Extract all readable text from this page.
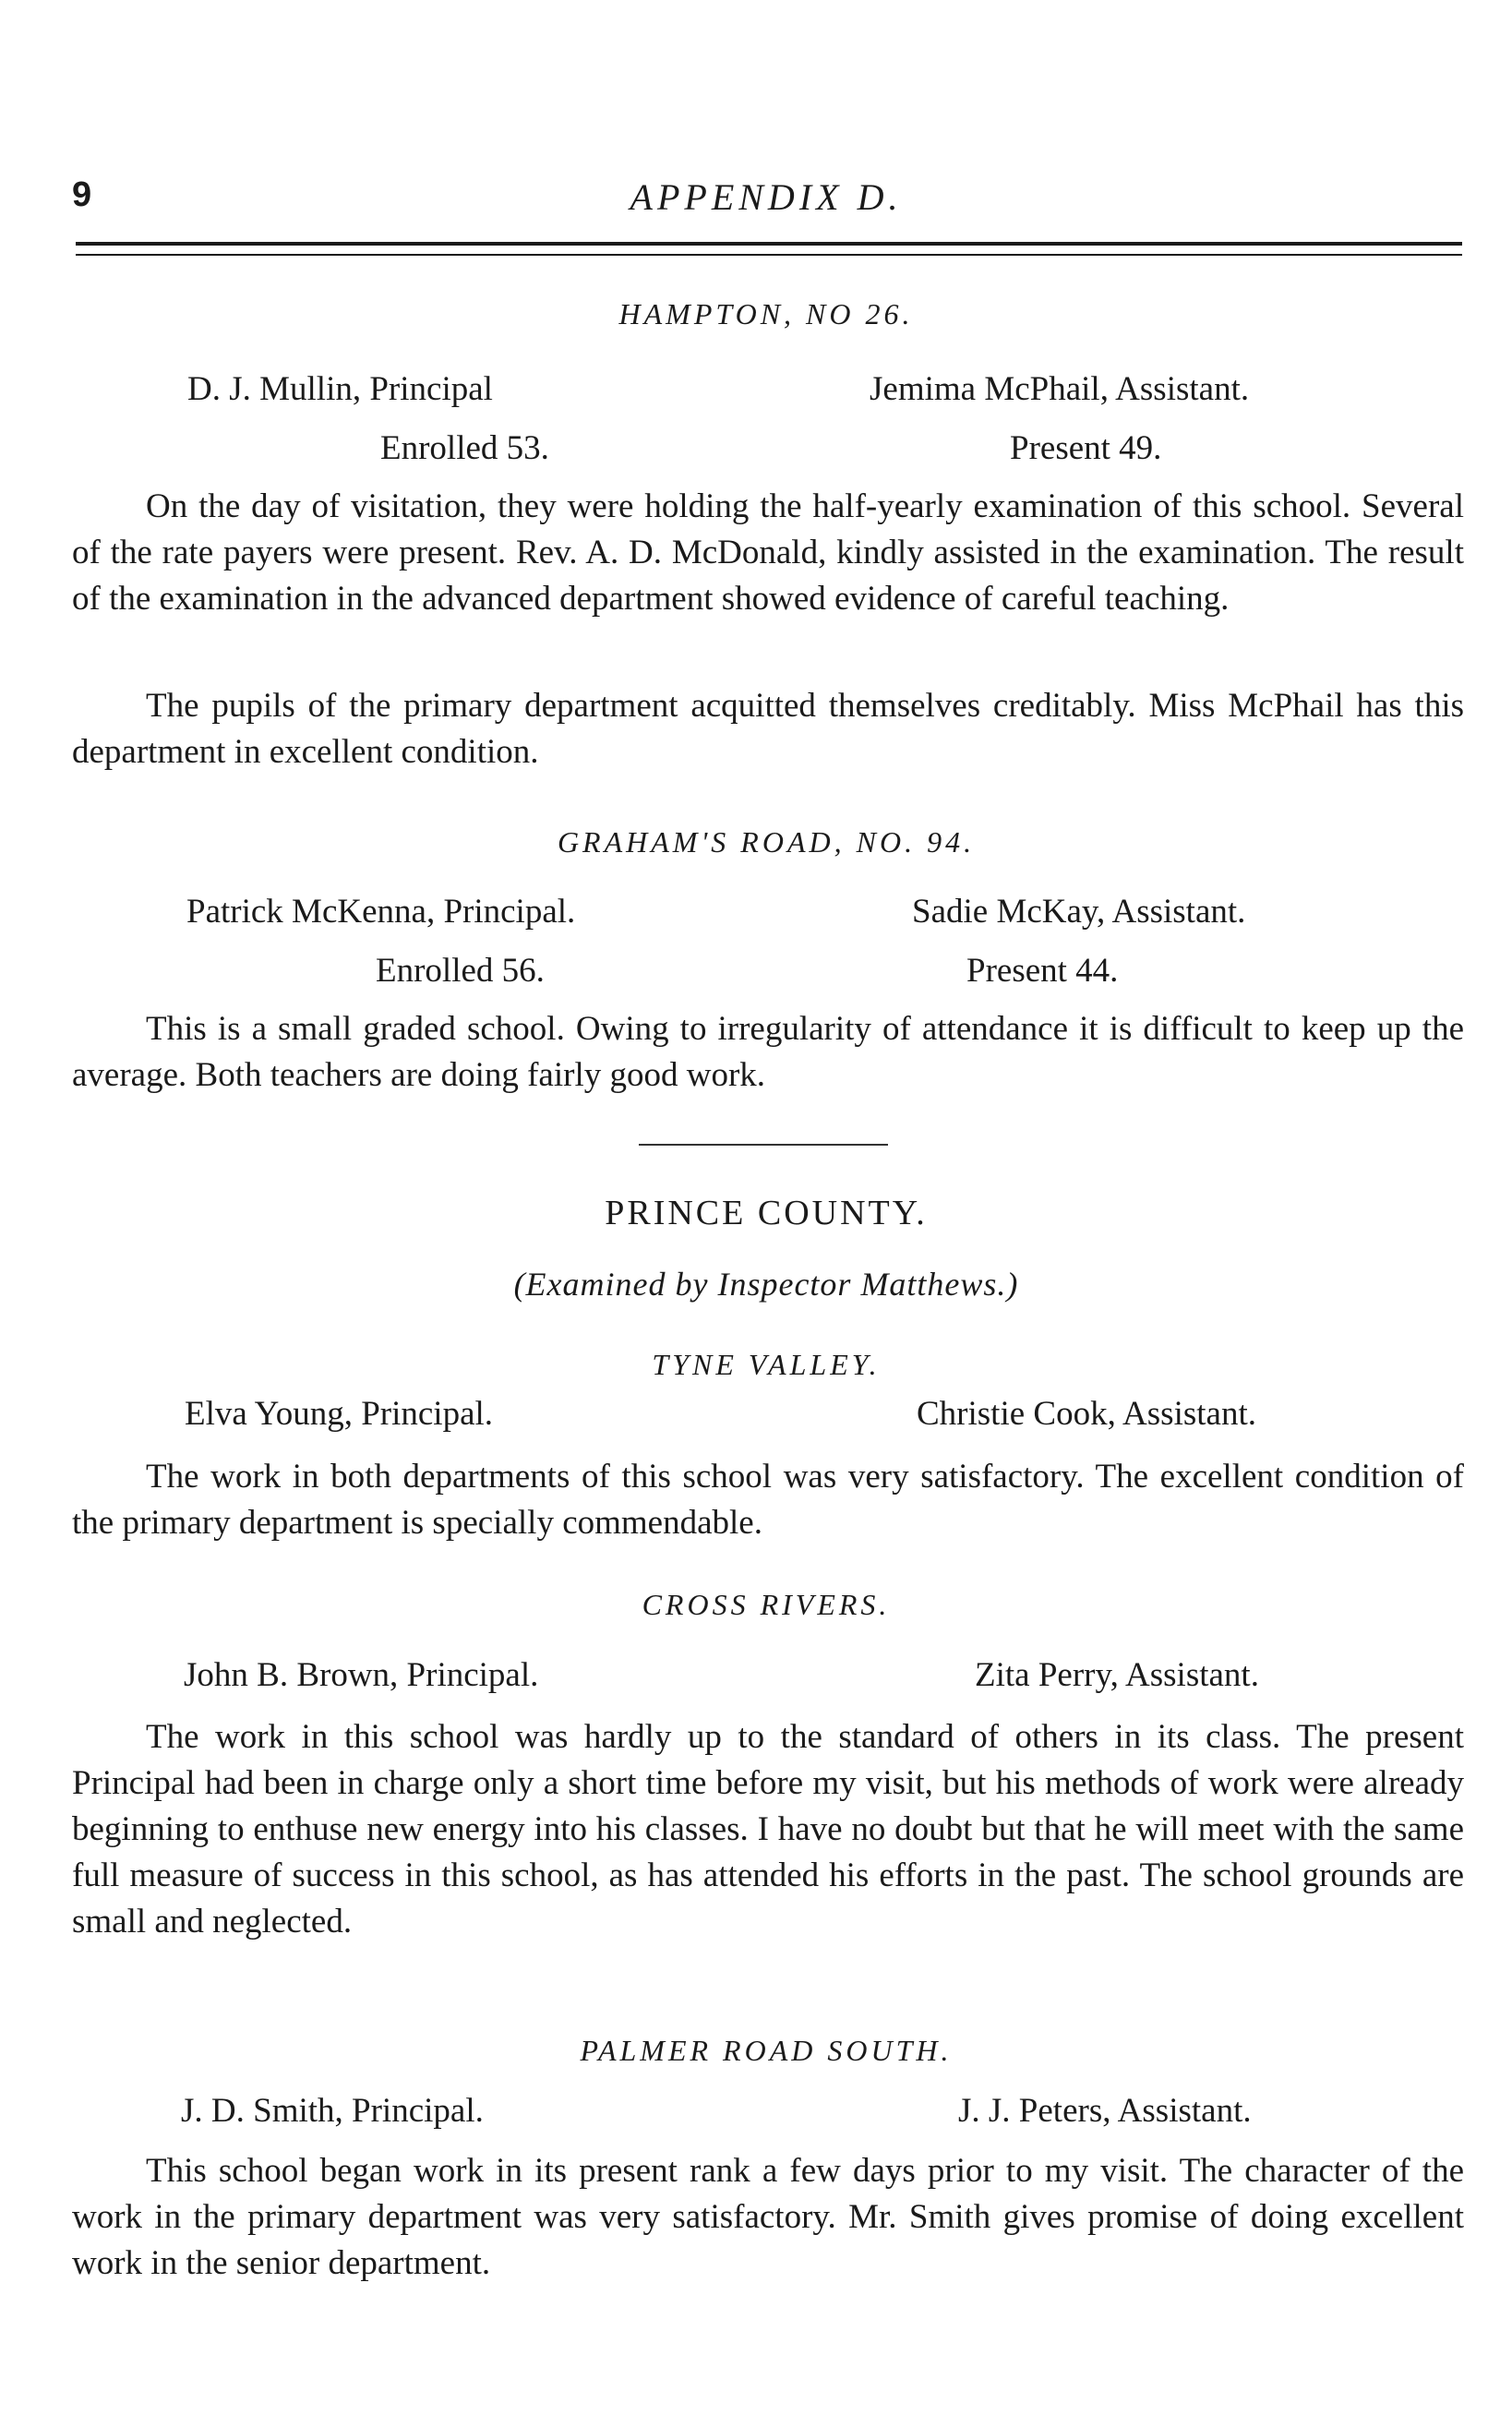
9	APPENDIX D.
HAMPTON, NO 26.
D. J. Mullin, Principal	Jemima McPhail, Assistant.
Enrolled 53.	Present 49.
On the day of visitation, they were holding the half-yearly examination of this school. Several of the rate payers were present. Rev. A. D. McDonald, kindly assisted in the examination. The result of the examination in the advanced department showed evidence of careful teaching.
The pupils of the primary department acquitted themselves creditably. Miss McPhail has this department in excellent condition.
GRAHAM'S ROAD, NO. 94.
Patrick McKenna, Principal.	Sadie McKay, Assistant.
Enrolled 56.	Present 44.
This is a small graded school. Owing to irregularity of attendance it is difficult to keep up the average. Both teachers are doing fairly good work.
PRINCE COUNTY.
(Examined by Inspector Matthews.)
TYNE VALLEY.
Elva Young, Principal.	Christie Cook, Assistant.
The work in both departments of this school was very satisfactory. The excellent condition of the primary department is specially commendable.
CROSS RIVERS.
John B. Brown, Principal.	Zita Perry, Assistant.
The work in this school was hardly up to the standard of others in its class. The present Principal had been in charge only a short time before my visit, but his methods of work were already beginning to enthuse new energy into his classes. I have no doubt but that he will meet with the same full measure of success in this school, as has attended his efforts in the past. The school grounds are small and neglected.
PALMER ROAD SOUTH.
J. D. Smith, Principal.	J. J. Peters, Assistant.
This school began work in its present rank a few days prior to my visit. The character of the work in the primary department was very satisfactory. Mr. Smith gives promise of doing excellent work in the senior department.
